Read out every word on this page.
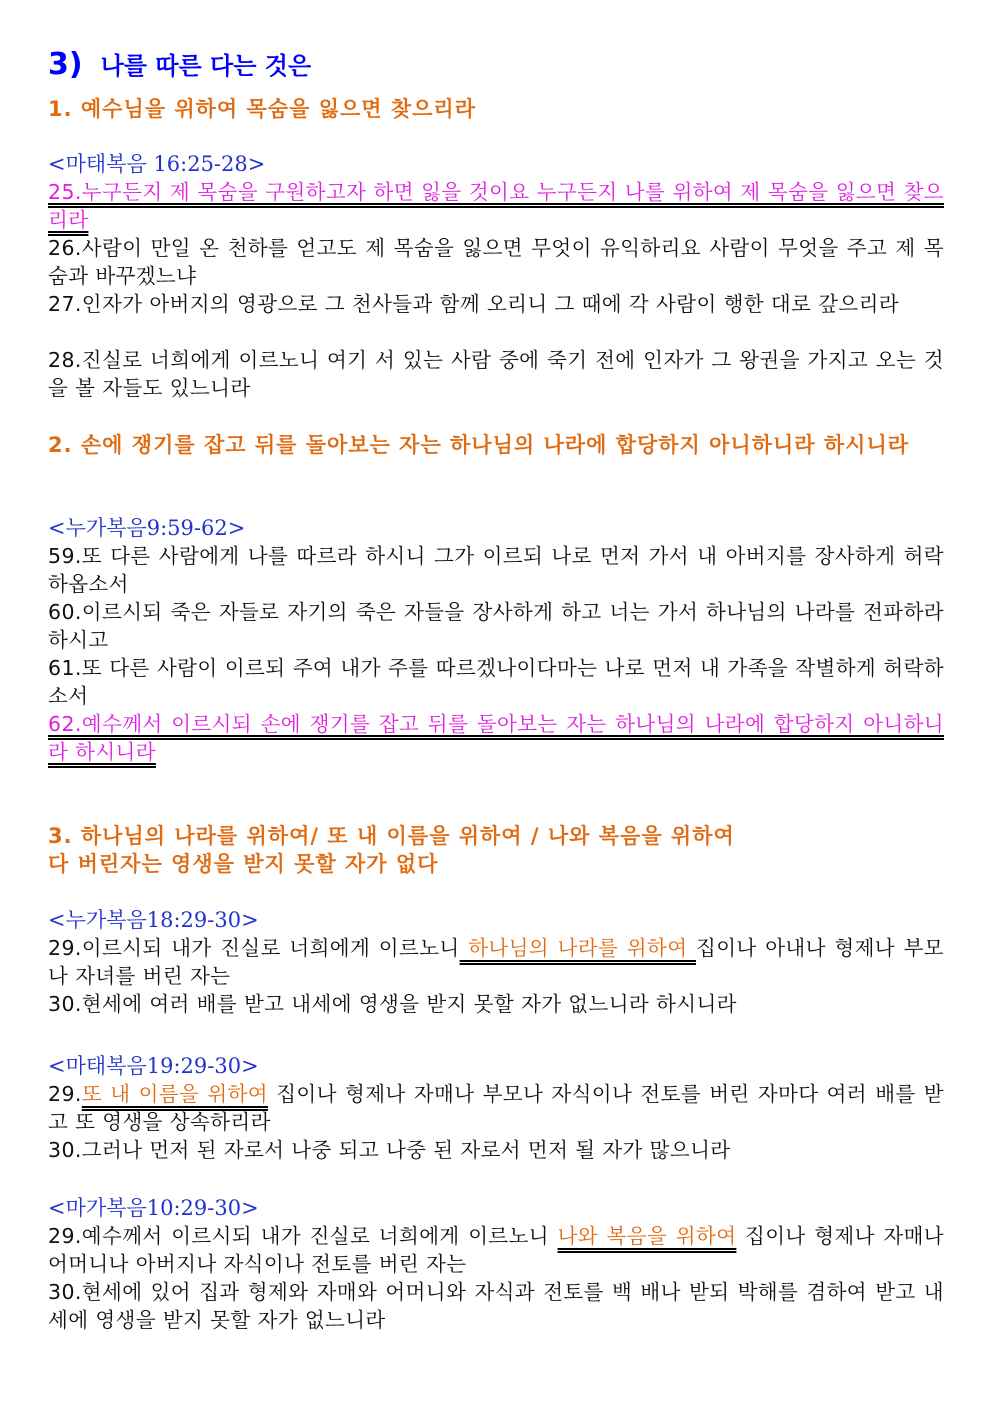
3) 나를 따른 다는 것은
1. 예수님을 위하여 목숨을 잃으면 찾으리라
<마태복음 16:25-28>
25.누구든지 제 목숨을 구원하고자 하면 잃을 것이요 누구든지 나를 위하여 제 목숨을 잃으면 찾으리라
26.사람이 만일 온 천하를 얻고도 제 목숨을 잃으면 무엇이 유익하리요 사람이 무엇을 주고 제 목숨과 바꾸겠느냐
27.인자가 아버지의 영광으로 그 천사들과 함께 오리니 그 때에 각 사람이 행한 대로 갚으리라
28.진실로 너희에게 이르노니 여기 서 있는 사람 중에 죽기 전에 인자가 그 왕권을 가지고 오는 것을 볼 자들도 있느니라
2. 손에 쟁기를 잡고 뒤를 돌아보는 자는 하나님의 나라에 합당하지 아니하니라 하시니라
<누가복음9:59-62>
59.또 다른 사람에게 나를 따르라 하시니 그가 이르되 나로 먼저 가서 내 아버지를 장사하게 허락하옵소서
60.이르시되 죽은 자들로 자기의 죽은 자들을 장사하게 하고 너는 가서 하나님의 나라를 전파하라 하시고
61.또 다른 사람이 이르되 주여 내가 주를 따르겠나이다마는 나로 먼저 내 가족을 작별하게 허락하소서
62.예수께서 이르시되 손에 쟁기를 잡고 뒤를 돌아보는 자는 하나님의 나라에 합당하지 아니하니라 하시니라
3. 하나님의 나라를 위하여/ 또 내 이름을 위하여 / 나와 복음을 위하여
다 버린자는 영생을 받지 못할 자가 없다
<누가복음18:29-30>
29.이르시되 내가 진실로 너희에게 이르노니 하나님의 나라를 위하여 집이나 아내나 형제나 부모나 자녀를 버린 자는
30.현세에 여러 배를 받고 내세에 영생을 받지 못할 자가 없느니라 하시니라
<마태복음19:29-30>
29.또 내 이름을 위하여 집이나 형제나 자매나 부모나 자식이나 전토를 버린 자마다 여러 배를 받고 또 영생을 상속하리라
30.그러나 먼저 된 자로서 나중 되고 나중 된 자로서 먼저 될 자가 많으니라
<마가복음10:29-30>
29.예수께서 이르시되 내가 진실로 너희에게 이르노니 나와 복음을 위하여 집이나 형제나 자매나 어머니나 아버지나 자식이나 전토를 버린 자는
30.현세에 있어 집과 형제와 자매와 어머니와 자식과 전토를 백 배나 받되 박해를 겸하여 받고 내세에 영생을 받지 못할 자가 없느니라
